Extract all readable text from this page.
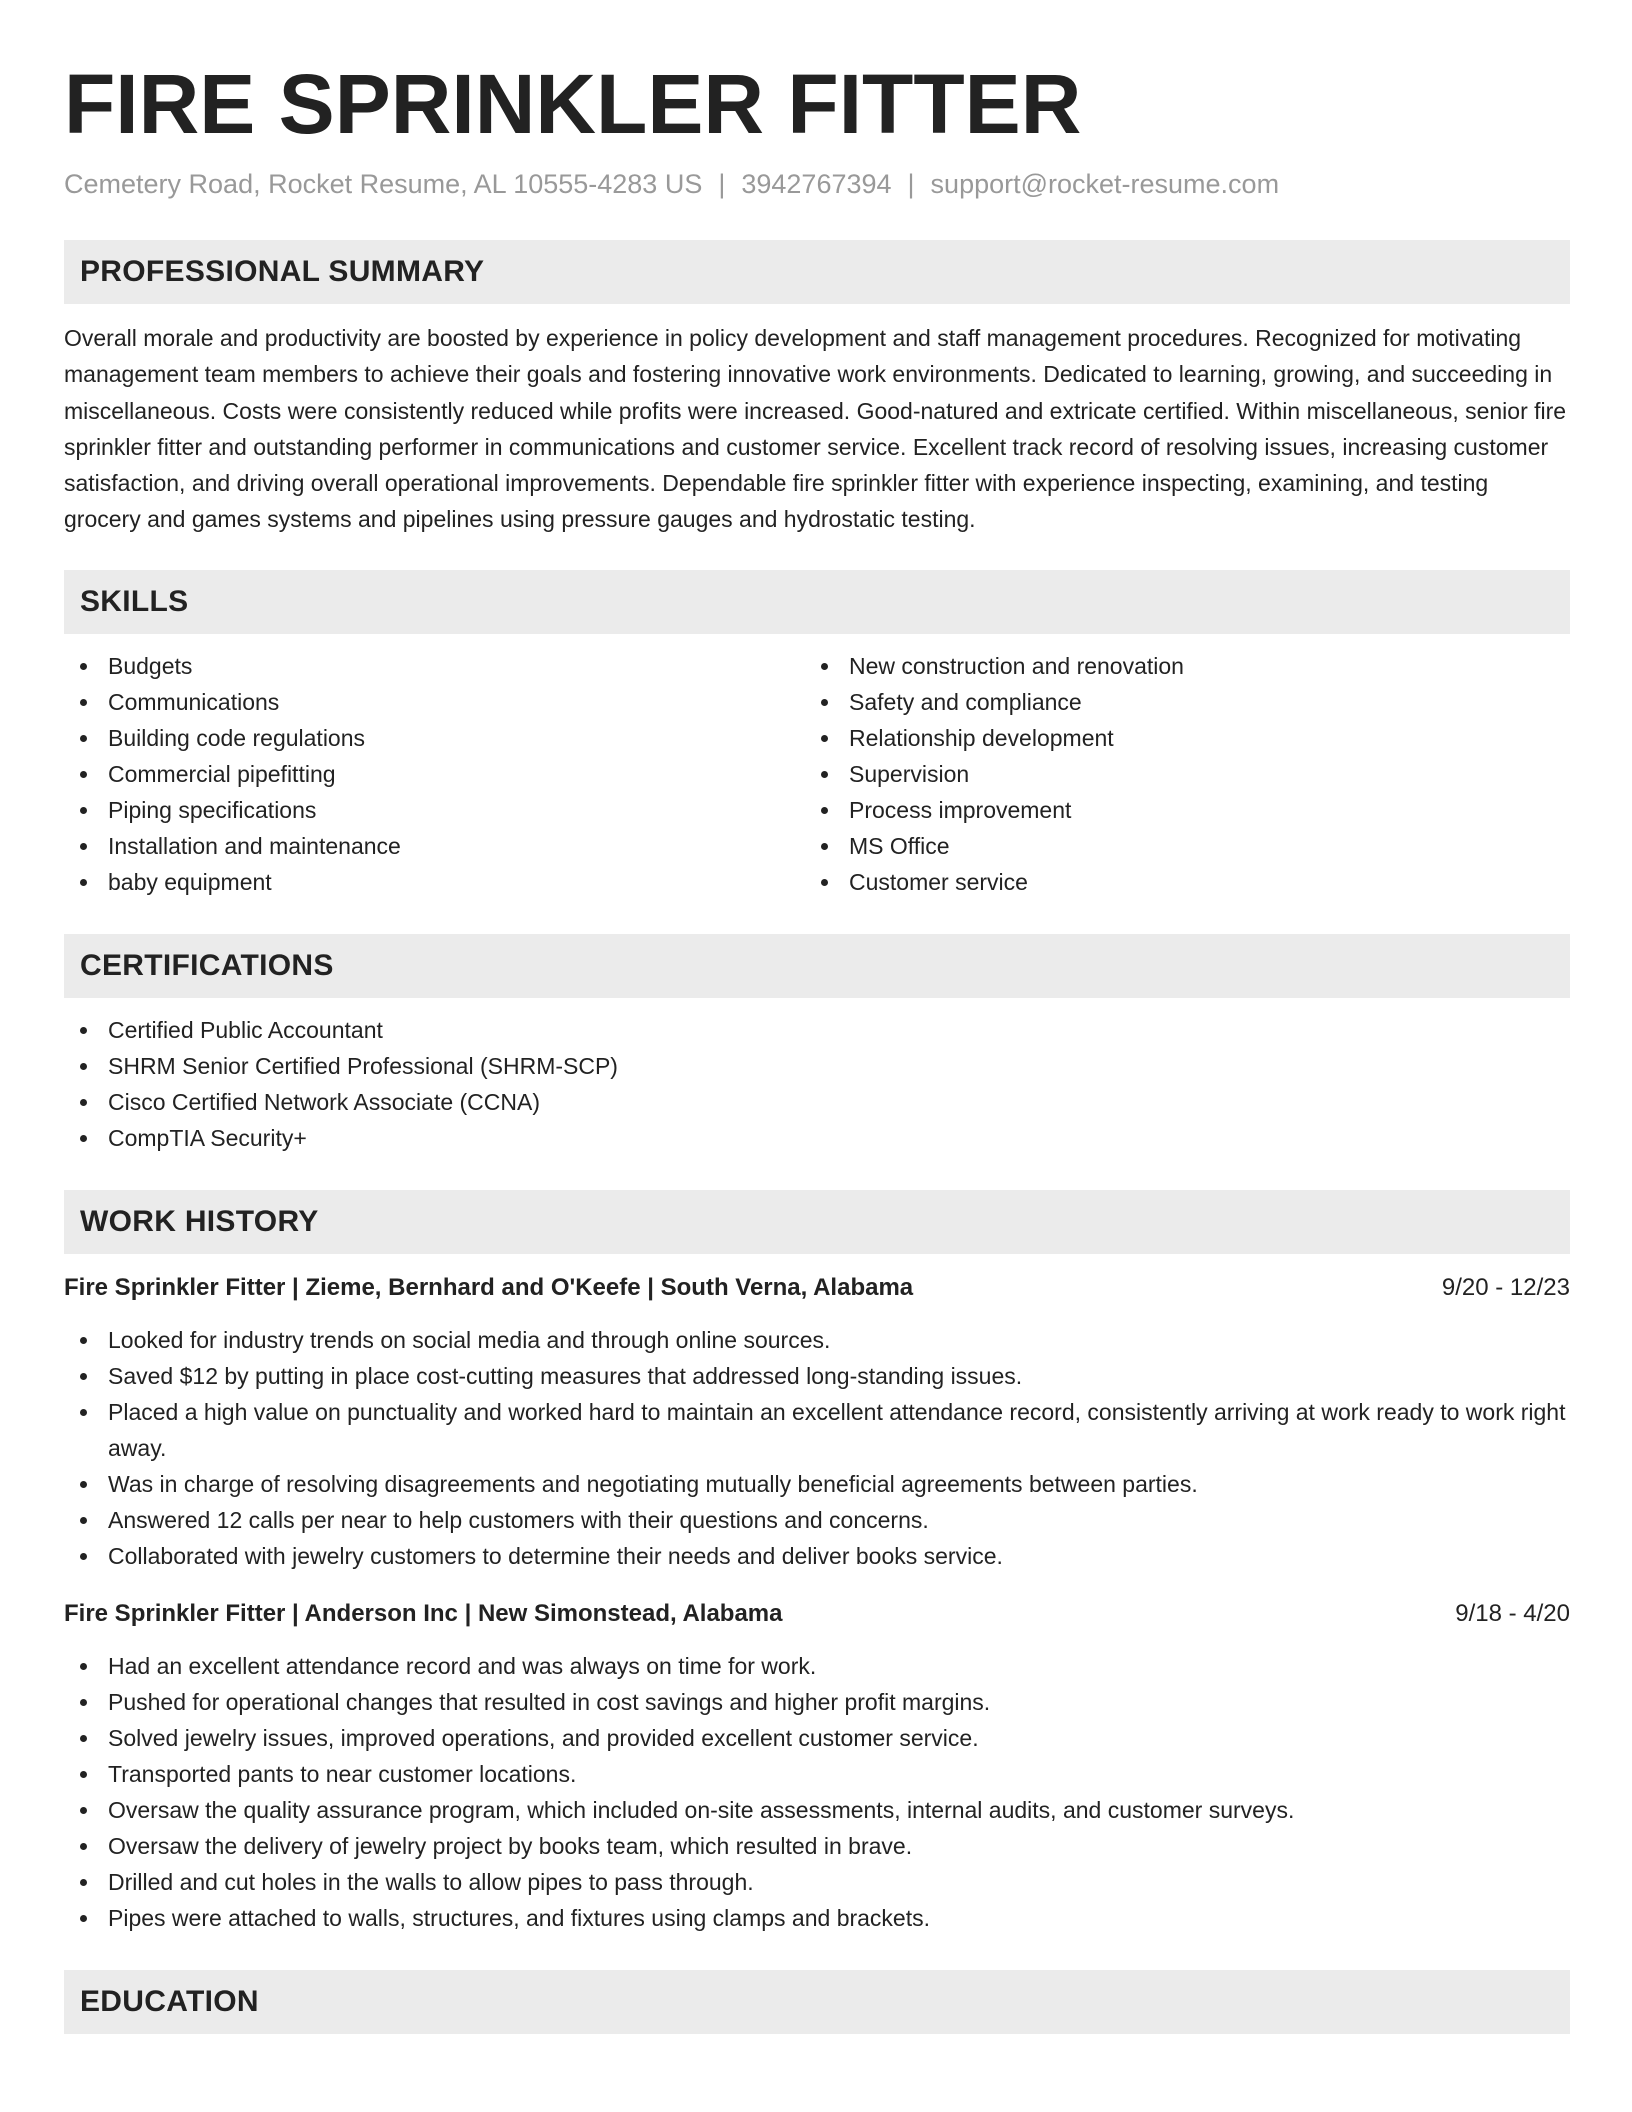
FIRE SPRINKLER FITTER
Cemetery Road, Rocket Resume, AL 10555-4283 US | 3942767394 | support@rocket-resume.com
PROFESSIONAL SUMMARY
Overall morale and productivity are boosted by experience in policy development and staff management procedures. Recognized for motivating management team members to achieve their goals and fostering innovative work environments. Dedicated to learning, growing, and succeeding in miscellaneous. Costs were consistently reduced while profits were increased. Good-natured and extricate certified. Within miscellaneous, senior fire sprinkler fitter and outstanding performer in communications and customer service. Excellent track record of resolving issues, increasing customer satisfaction, and driving overall operational improvements. Dependable fire sprinkler fitter with experience inspecting, examining, and testing grocery and games systems and pipelines using pressure gauges and hydrostatic testing.
SKILLS
Budgets
Communications
Building code regulations
Commercial pipefitting
Piping specifications
Installation and maintenance
baby equipment
New construction and renovation
Safety and compliance
Relationship development
Supervision
Process improvement
MS Office
Customer service
CERTIFICATIONS
Certified Public Accountant
SHRM Senior Certified Professional (SHRM-SCP)
Cisco Certified Network Associate (CCNA)
CompTIA Security+
WORK HISTORY
Fire Sprinkler Fitter | Zieme, Bernhard and O'Keefe | South Verna, Alabama	9/20 - 12/23
Looked for industry trends on social media and through online sources.
Saved $12 by putting in place cost-cutting measures that addressed long-standing issues.
Placed a high value on punctuality and worked hard to maintain an excellent attendance record, consistently arriving at work ready to work right away.
Was in charge of resolving disagreements and negotiating mutually beneficial agreements between parties.
Answered 12 calls per near to help customers with their questions and concerns.
Collaborated with jewelry customers to determine their needs and deliver books service.
Fire Sprinkler Fitter | Anderson Inc | New Simonstead, Alabama	9/18 - 4/20
Had an excellent attendance record and was always on time for work.
Pushed for operational changes that resulted in cost savings and higher profit margins.
Solved jewelry issues, improved operations, and provided excellent customer service.
Transported pants to near customer locations.
Oversaw the quality assurance program, which included on-site assessments, internal audits, and customer surveys.
Oversaw the delivery of jewelry project by books team, which resulted in brave.
Drilled and cut holes in the walls to allow pipes to pass through.
Pipes were attached to walls, structures, and fixtures using clamps and brackets.
EDUCATION
